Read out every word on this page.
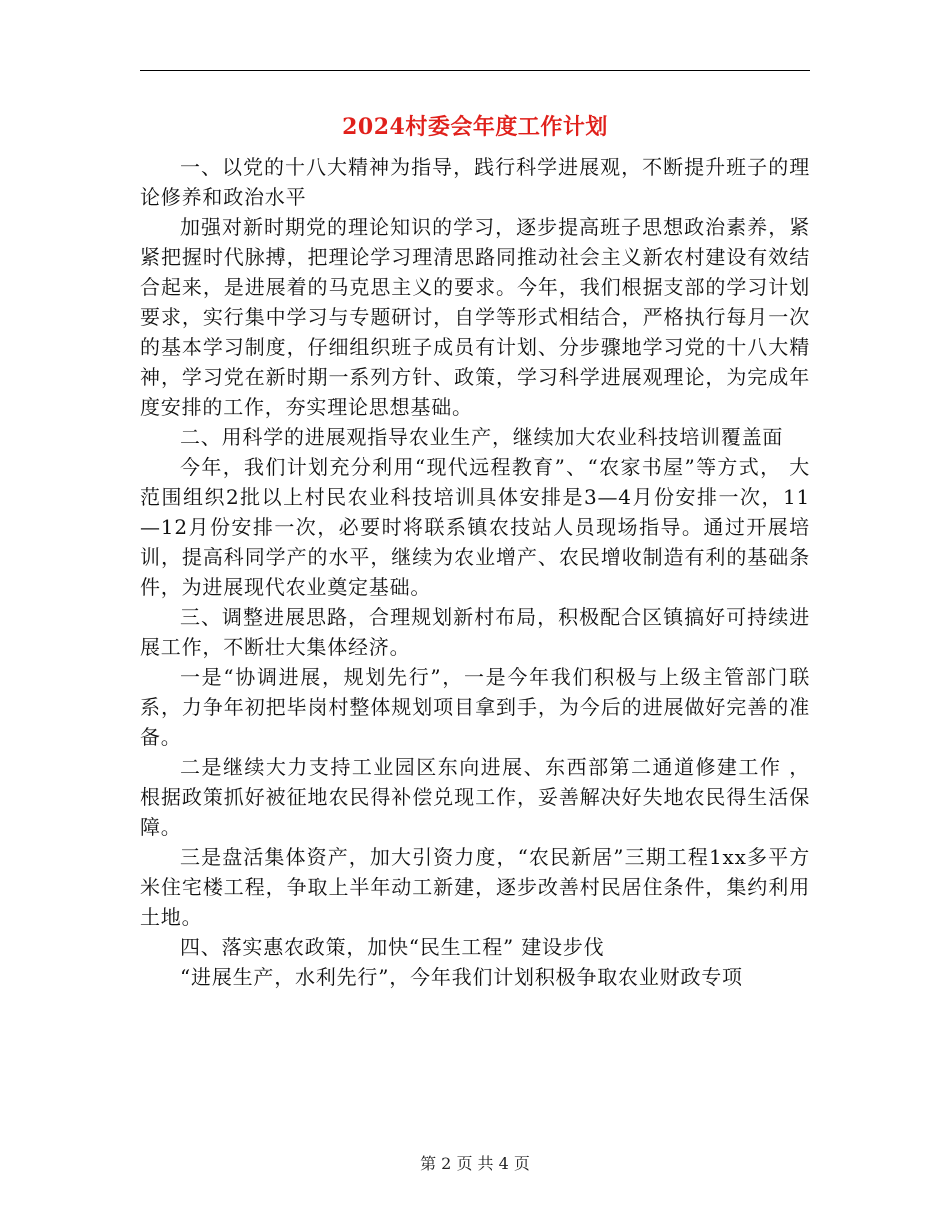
2024村委会年度工作计划

一、以党的十八大精神为指导，践行科学进展观，不断提升班子的理论修养和政治水平

加强对新时期党的理论知识的学习，逐步提高班子思想政治素养，紧紧把握时代脉搏，把理论学习理清思路同推动社会主义新农村建设有效结合起来，是进展着的马克思主义的要求。今年，我们根据支部的学习计划要求，实行集中学习与专题研讨，自学等形式相结合，严格执行每月一次的基本学习制度，仔细组织班子成员有计划、分步骤地学习党的十八大精神，学习党在新时期一系列方针、政策，学习科学进展观理论，为完成年度安排的工作，夯实理论思想基础。

二、用科学的进展观指导农业生产，继续加大农业科技培训覆盖面

今年，我们计划充分利用“现代远程教育”、“农家书屋”等方式， 大范围组织2批以上村民农业科技培训具体安排是3—4月份安排一次，11—12月份安排一次，必要时将联系镇农技站人员现场指导。通过开展培训，提高科同学产的水平，继续为农业增产、农民增收制造有利的基础条件，为进展现代农业奠定基础。

三、调整进展思路，合理规划新村布局，积极配合区镇搞好可持续进展工作，不断壮大集体经济。

一是“协调进展，规划先行”，一是今年我们积极与上级主管部门联系，力争年初把毕岗村整体规划项目拿到手，为今后的进展做好完善的准备。

二是继续大力支持工业园区东向进展、东西部第二通道修建工作 ，根据政策抓好被征地农民得补偿兑现工作，妥善解决好失地农民得生活保障。

三是盘活集体资产，加大引资力度，“农民新居”三期工程1xx多平方米住宅楼工程，争取上半年动工新建，逐步改善村民居住条件，集约利用土地。

四、落实惠农政策，加快“民生工程” 建设步伐

“进展生产，水利先行”，今年我们计划积极争取农业财政专项

第 2 页 共 4 页
